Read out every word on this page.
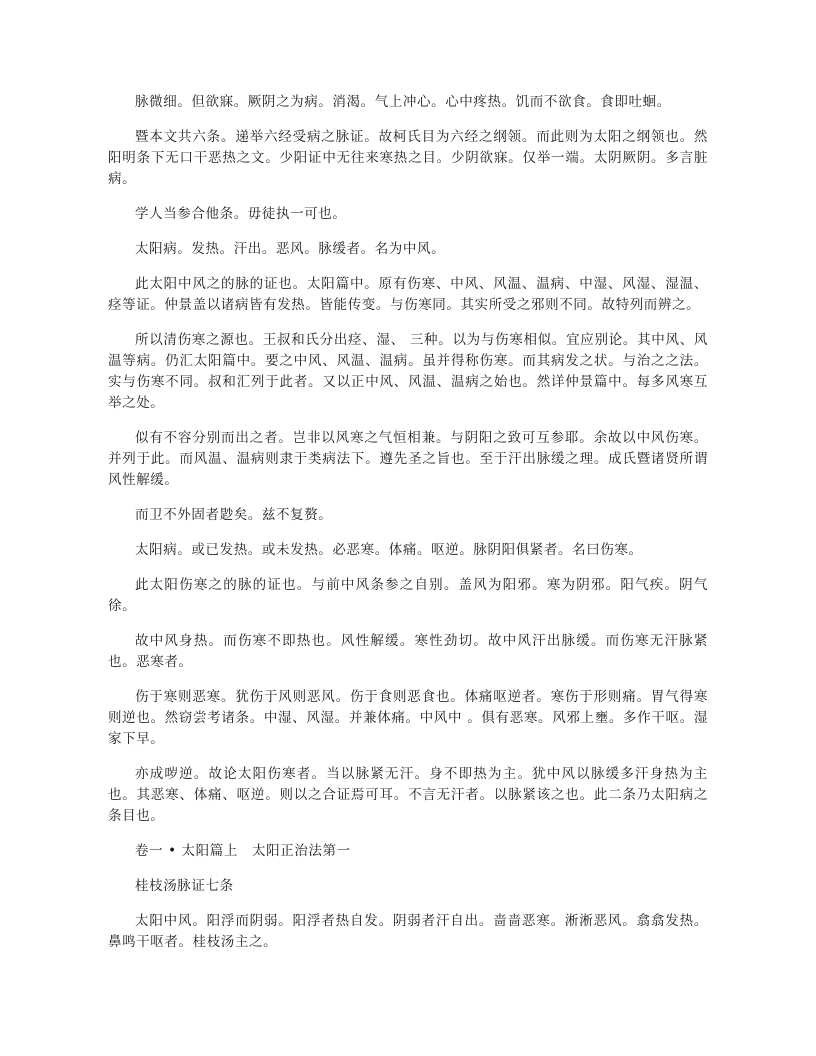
脉微细。但欲寐。厥阴之为病。消渴。气上冲心。心中疼热。饥而不欲食。食即吐蛔。

暨本文共六条。递举六经受病之脉证。故柯氏目为六经之纲领。而此则为太阳之纲领也。然阳明条下无口干恶热之文。少阳证中无往来寒热之目。少阴欲寐。仅举一端。太阴厥阴。多言脏病。

学人当参合他条。毋徒执一可也。

太阳病。发热。汗出。恶风。脉缓者。名为中风。

此太阳中风之的脉的证也。太阳篇中。原有伤寒、中风、风温、温病、中湿、风湿、湿温、痉等证。仲景盖以诸病皆有发热。皆能传变。与伤寒同。其实所受之邪则不同。故特列而辨之。

所以清伤寒之源也。王叔和氏分出痉、湿、 三种。以为与伤寒相似。宜应别论。其中风、风温等病。仍汇太阳篇中。要之中风、风温、温病。虽并得称伤寒。而其病发之状。与治之之法。实与伤寒不同。叔和汇列于此者。又以正中风、风温、温病之始也。然详仲景篇中。每多风寒互举之处。

似有不容分别而出之者。岂非以风寒之气恒相兼。与阴阳之致可互参耶。余故以中风伤寒。并列于此。而风温、温病则隶于类病法下。遵先圣之旨也。至于汗出脉缓之理。成氏暨诸贤所谓风性解缓。

而卫不外固者尟矣。兹不复赘。

太阳病。或已发热。或未发热。必恶寒。体痛。呕逆。脉阴阳俱紧者。名曰伤寒。

此太阳伤寒之的脉的证也。与前中风条参之自别。盖风为阳邪。寒为阴邪。阳气疾。阴气徐。

故中风身热。而伤寒不即热也。风性解缓。寒性劲切。故中风汗出脉缓。而伤寒无汗脉紧也。恶寒者。

伤于寒则恶寒。犹伤于风则恶风。伤于食则恶食也。体痛呕逆者。寒伤于形则痛。胃气得寒则逆也。然窃尝考诸条。中湿、风湿。并兼体痛。中风中 。俱有恶寒。风邪上壅。多作干呕。湿家下早。

亦成哕逆。故论太阳伤寒者。当以脉紧无汗。身不即热为主。犹中风以脉缓多汗身热为主也。其恶寒、体痛、呕逆。则以之合证焉可耳。不言无汗者。以脉紧该之也。此二条乃太阳病之条目也。

卷一 • 太阳篇上　太阳正治法第一

桂枝汤脉证七条

太阳中风。阳浮而阴弱。阳浮者热自发。阴弱者汗自出。啬啬恶寒。淅淅恶风。翕翕发热。鼻鸣干呕者。桂枝汤主之。
